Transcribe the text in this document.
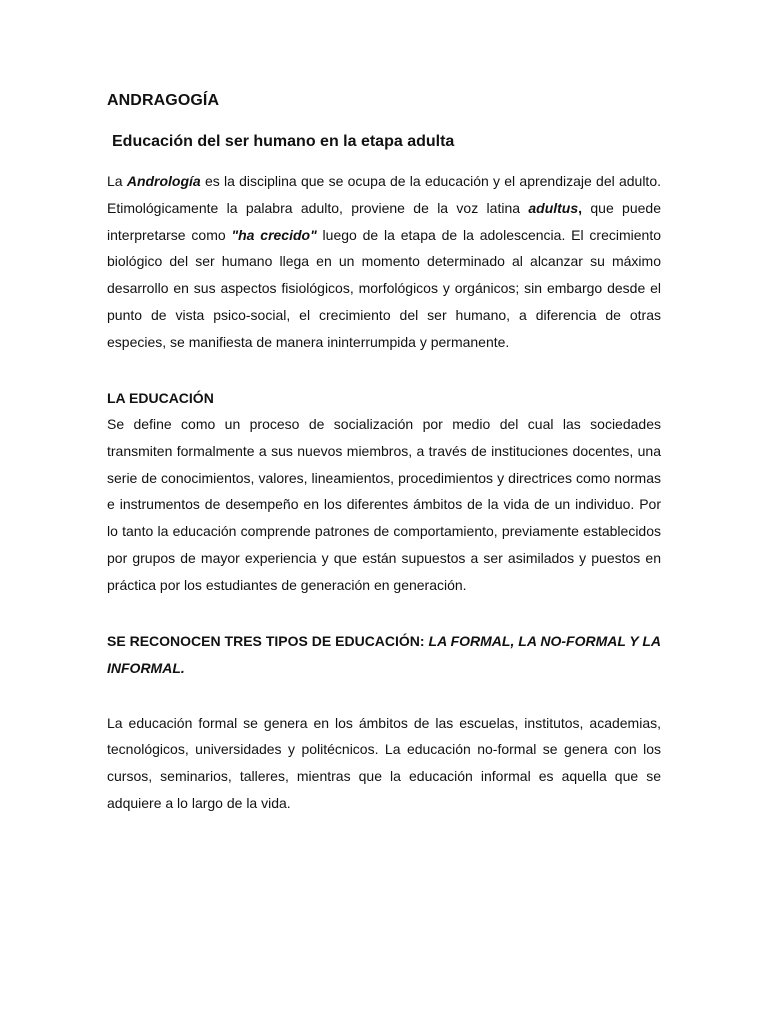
ANDRAGOGÍA
Educación del ser humano en la etapa adulta

La Andrología es la disciplina que se ocupa de la educación y el aprendizaje del adulto. Etimológicamente la palabra adulto, proviene de la voz latina adultus, que puede interpretarse como "ha crecido" luego de la etapa de la adolescencia. El crecimiento biológico del ser humano llega en un momento determinado al alcanzar su máximo desarrollo en sus aspectos fisiológicos, morfológicos y orgánicos; sin embargo desde el punto de vista psico-social, el crecimiento del ser humano, a diferencia de otras especies, se manifiesta de manera ininterrumpida y permanente.

LA EDUCACIÓN

Se define como un proceso de socialización por medio del cual las sociedades transmiten formalmente a sus nuevos miembros, a través de instituciones docentes, una serie de conocimientos, valores, lineamientos, procedimientos y directrices como normas e instrumentos de desempeño en los diferentes ámbitos de la vida de un individuo. Por lo tanto la educación comprende patrones de comportamiento, previamente establecidos por grupos de mayor experiencia y que están supuestos a ser asimilados y puestos en práctica por los estudiantes de generación en generación.

SE RECONOCEN TRES TIPOS DE EDUCACIÓN: LA FORMAL, LA NO-FORMAL Y LA INFORMAL.

La educación formal se genera en los ámbitos de las escuelas, institutos, academias, tecnológicos, universidades y politécnicos. La educación no-formal se genera con los cursos, seminarios, talleres, mientras que la educación informal es aquella que se adquiere a lo largo de la vida.
